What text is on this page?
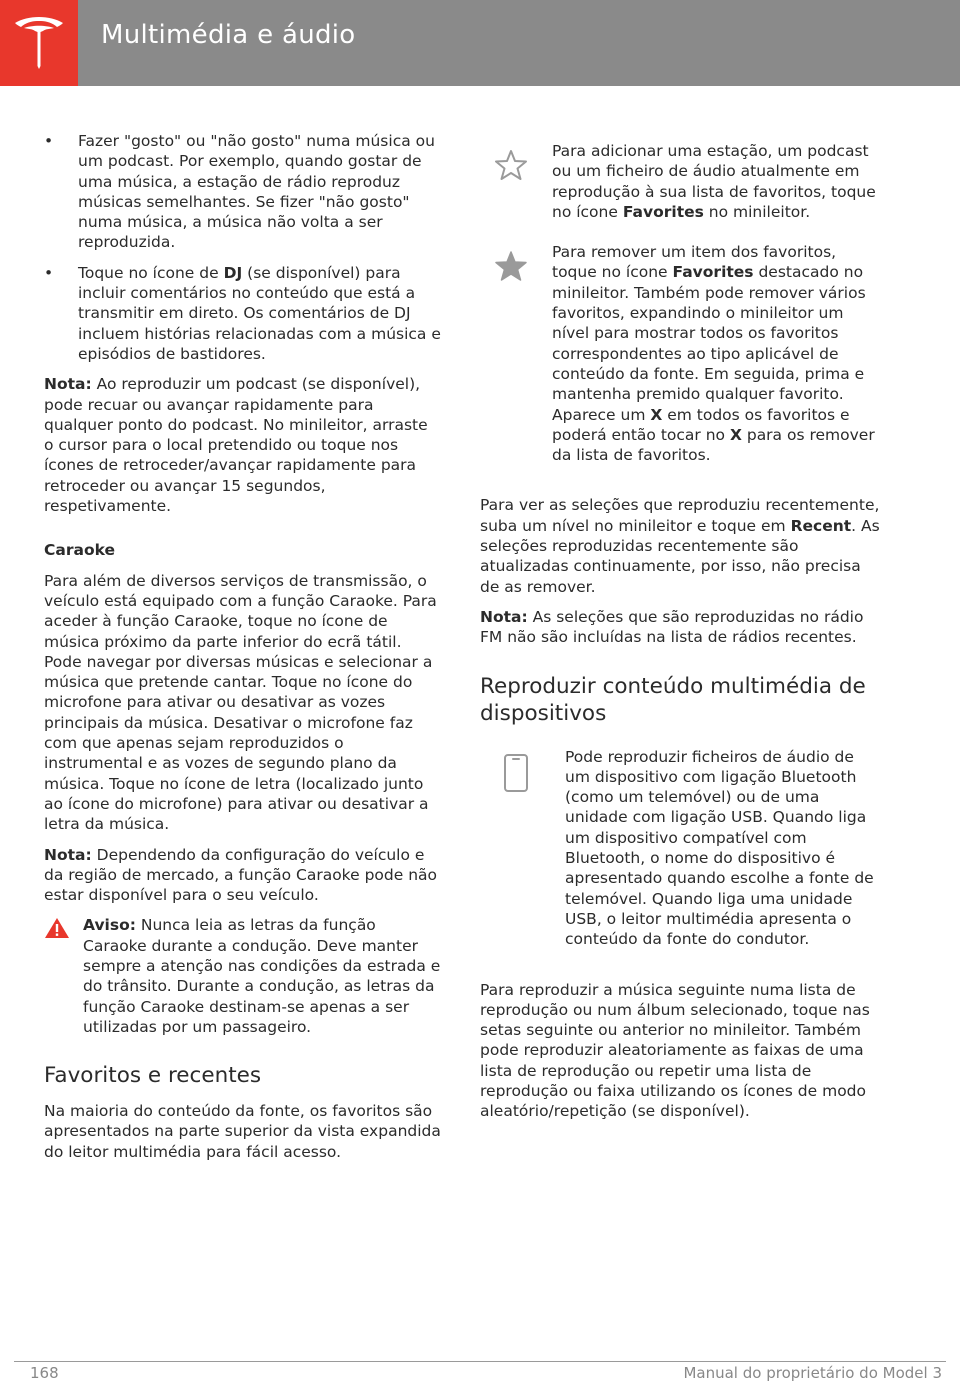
Multimédia e áudio
• Fazer "gosto" ou "não gosto" numa música ou um podcast. Por exemplo, quando gostar de uma música, a estação de rádio reproduz músicas semelhantes. Se fizer "não gosto" numa música, a música não volta a ser reproduzida.
• Toque no ícone de DJ (se disponível) para incluir comentários no conteúdo que está a transmitir em direto. Os comentários de DJ incluem histórias relacionadas com a música e episódios de bastidores.

Nota: Ao reproduzir um podcast (se disponível), pode recuar ou avançar rapidamente para qualquer ponto do podcast. No minileitor, arraste o cursor para o local pretendido ou toque nos ícones de retroceder/avançar rapidamente para retroceder ou avançar 15 segundos, respetivamente.

Caraoke

Para além de diversos serviços de transmissão, o veículo está equipado com a função Caraoke. Para aceder à função Caraoke, toque no ícone de música próximo da parte inferior do ecrã tátil. Pode navegar por diversas músicas e selecionar a música que pretende cantar. Toque no ícone do microfone para ativar ou desativar as vozes principais da música. Desativar o microfone faz com que apenas sejam reproduzidos o instrumental e as vozes de segundo plano da música. Toque no ícone de letra (localizado junto ao ícone do microfone) para ativar ou desativar a letra da música.

Nota: Dependendo da configuração do veículo e da região de mercado, a função Caraoke pode não estar disponível para o seu veículo.

Aviso: Nunca leia as letras da função Caraoke durante a condução. Deve manter sempre a atenção nas condições da estrada e do trânsito. Durante a condução, as letras da função Caraoke destinam-se apenas a ser utilizadas por um passageiro.
Favoritos e recentes

Na maioria do conteúdo da fonte, os favoritos são apresentados na parte superior da vista expandida do leitor multimédia para fácil acesso.

Para adicionar uma estação, um podcast ou um ficheiro de áudio atualmente em reprodução à sua lista de favoritos, toque no ícone Favorites no minileitor.
Para remover um item dos favoritos, toque no ícone Favorites destacado no minileitor. Também pode remover vários favoritos, expandindo o minileitor um nível para mostrar todos os favoritos correspondentes ao tipo aplicável de conteúdo da fonte. Em seguida, prima e mantenha premido qualquer favorito. Aparece um X em todos os favoritos e poderá então tocar no X para os remover da lista de favoritos.

Para ver as seleções que reproduziu recentemente, suba um nível no minileitor e toque em Recent. As seleções reproduzidas recentemente são atualizadas continuamente, por isso, não precisa de as remover.

Nota: As seleções que são reproduzidas no rádio FM não são incluídas na lista de rádios recentes.

Reproduzir conteúdo multimédia de dispositivos
Pode reproduzir ficheiros de áudio de um dispositivo com ligação Bluetooth (como um telemóvel) ou de uma unidade com ligação USB. Quando liga um dispositivo compatível com Bluetooth, o nome do dispositivo é apresentado quando escolhe a fonte de telemóvel. Quando liga uma unidade USB, o leitor multimédia apresenta o conteúdo da fonte do condutor.

Para reproduzir a música seguinte numa lista de reprodução ou num álbum selecionado, toque nas setas seguinte ou anterior no minileitor. Também pode reproduzir aleatoriamente as faixas de uma lista de reprodução ou repetir uma lista de reprodução ou faixa utilizando os ícones de modo aleatório/repetição (se disponível).

168	Manual do proprietário do Model 3
